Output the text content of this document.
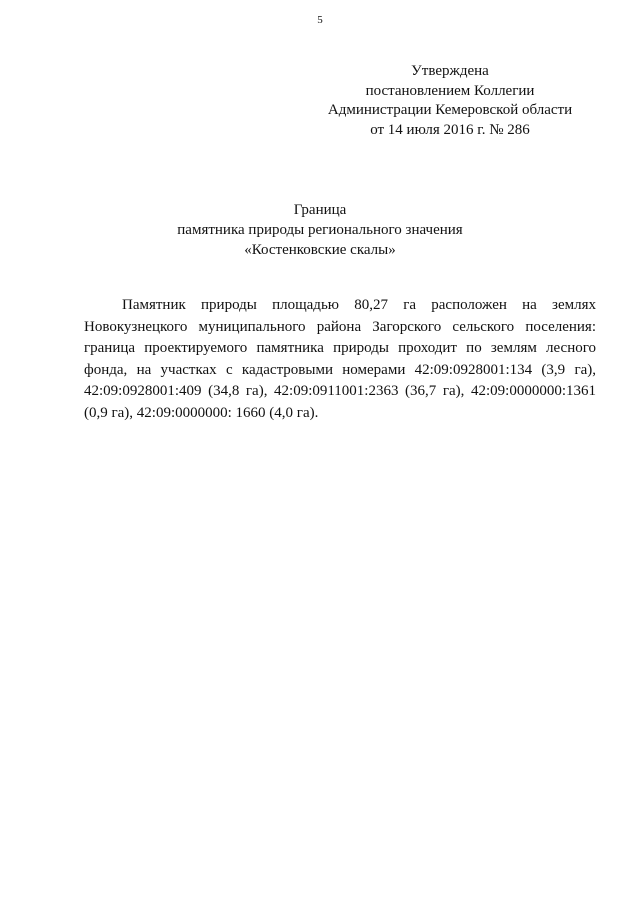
5
Утверждена
постановлением Коллегии
Администрации Кемеровской области
от 14 июля 2016 г. № 286
Граница
памятника природы регионального значения
«Костенковские скалы»

Памятник природы площадью 80,27 га расположен на землях Новокузнецкого муниципального района Загорского сельского поселения: граница проектируемого памятника природы проходит по землям лесного фонда, на участках с кадастровыми номерами 42:09:0928001:134 (3,9 га), 42:09:0928001:409 (34,8 га), 42:09:0911001:2363 (36,7 га), 42:09:0000000:1361 (0,9 га), 42:09:0000000: 1660 (4,0 га).
